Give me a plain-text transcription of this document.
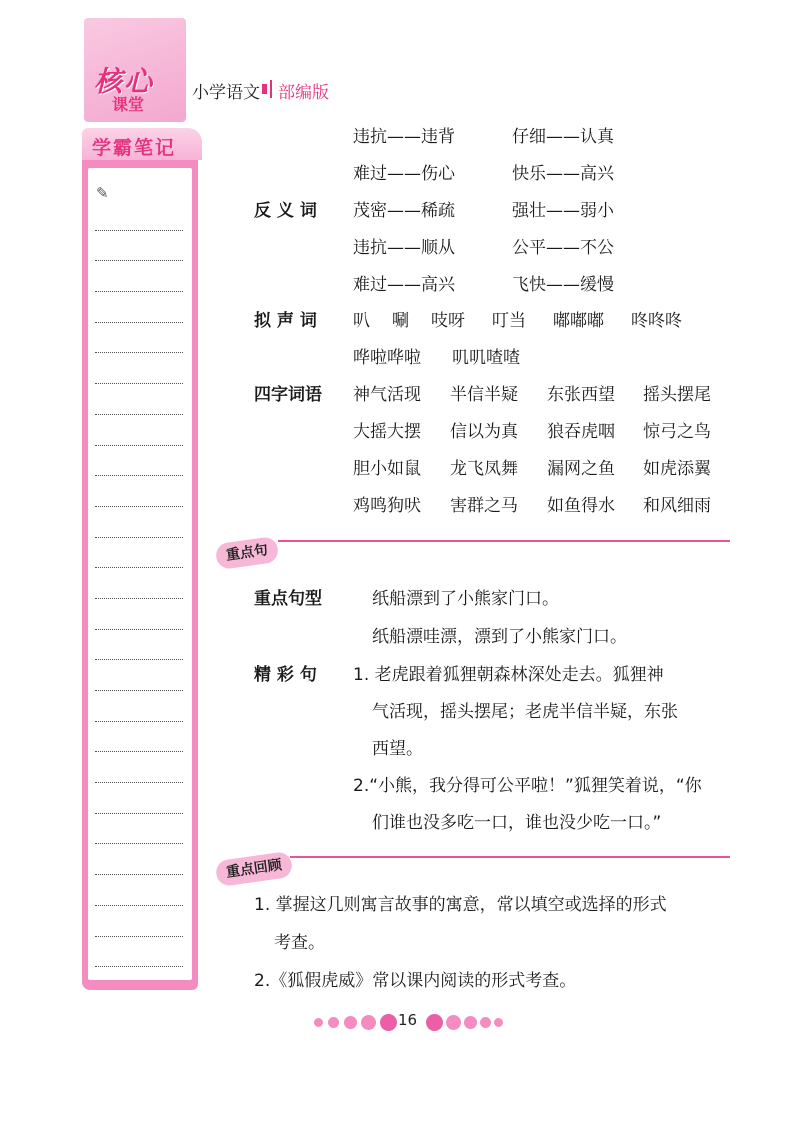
核心
课堂
小学语文 部编版
学霸笔记
✎
违抗——违背	仔细——认真
难过——伤心	快乐——高兴
反 义 词 茂密——稀疏	强壮——弱小
违抗——顺从	公平——不公
难过——高兴	飞快——缓慢
拟 声 词 叭 唰 吱呀 叮当 嘟嘟嘟 咚咚咚
哗啦哗啦 叽叽喳喳
四字词语 神气活现 半信半疑 东张西望 摇头摆尾
大摇大摆 信以为真 狼吞虎咽 惊弓之鸟
胆小如鼠 龙飞凤舞 漏网之鱼 如虎添翼
鸡鸣狗吠 害群之马 如鱼得水 和风细雨
重点句
重点句型	纸船漂到了小熊家门口。
纸船漂哇漂，漂到了小熊家门口。
精 彩 句 1. 老虎跟着狐狸朝森林深处走去。狐狸神
气活现，摇头摆尾；老虎半信半疑，东张
西望。
2.“小熊，我分得可公平啦！”狐狸笑着说，“你
们谁也没多吃一口，谁也没少吃一口。”
重点回顾
1. 掌握这几则寓言故事的寓意，常以填空或选择的形式
考查。
2.《狐假虎威》常以课内阅读的形式考查。
16
